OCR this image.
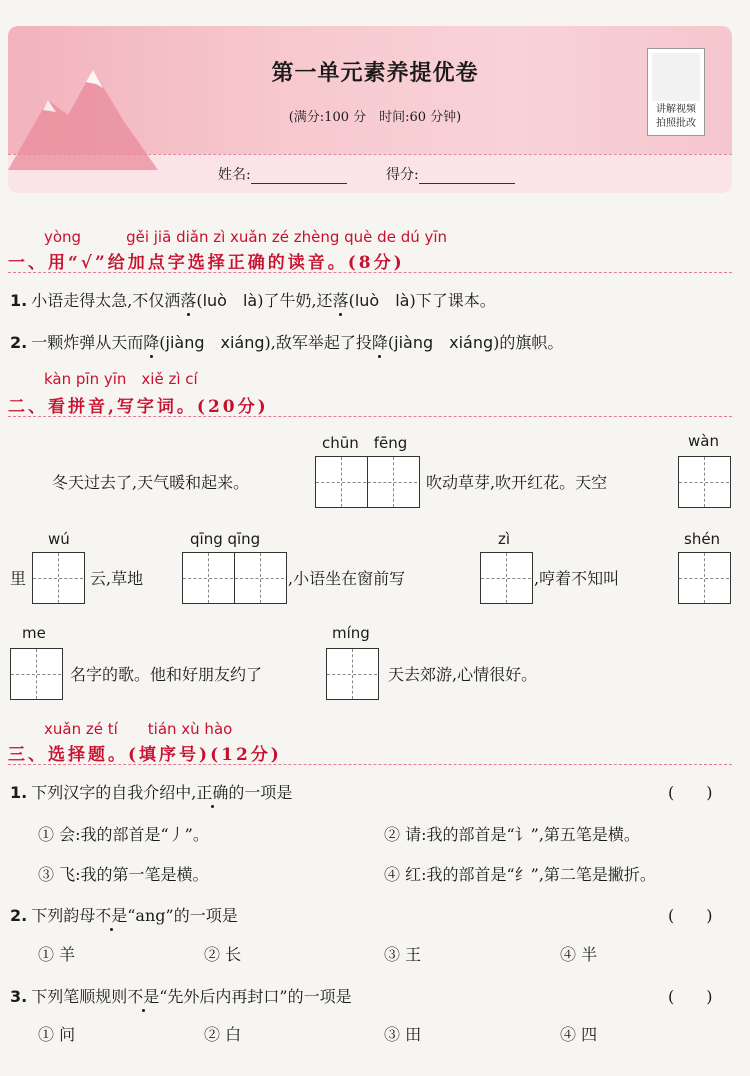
第一单元素养提优卷
(满分:100 分　时间:60 分钟)
讲解视频
拍照批改
姓名:	得分:
yòng　　　gěi jiā diǎn zì xuǎn zé zhèng què de dú yīn
一、用“√”给加点字选择正确的读音。(8分)
1. 小语走得太急,不仅洒落(luò　là)了牛奶,还落(luò　là)下了课本。
2. 一颗炸弹从天而降(jiàng　xiáng),敌军举起了投降(jiàng　xiáng)的旗帜。
kàn pīn yīn　xiě zì cí
二、看拼音,写字词。(20分)
冬天过去了,天气暖和起来。
chūn　fēng
吹动草芽,吹开红花。天空
wàn
里
wú
云,草地
qīng qīng
,小语坐在窗前写
zì
,哼着不知叫
shén
me
名字的歌。他和好朋友约了
míng
天去郊游,心情很好。
xuǎn zé tí　　tián xù hào
三、选择题。(填序号)(12分)
1. 下列汉字的自我介绍中,正确的一项是	(　　)
① 会:我的部首是“丿”。	② 请:我的部首是“讠”,第五笔是横。
③ 飞:我的第一笔是横。	④ 红:我的部首是“纟”,第二笔是撇折。
2. 下列韵母不是“ang”的一项是	(　　)
① 羊	② 长	③ 王	④ 半
3. 下列笔顺规则不是“先外后内再封口”的一项是	(　　)
① 问	② 白	③ 田	④ 四
